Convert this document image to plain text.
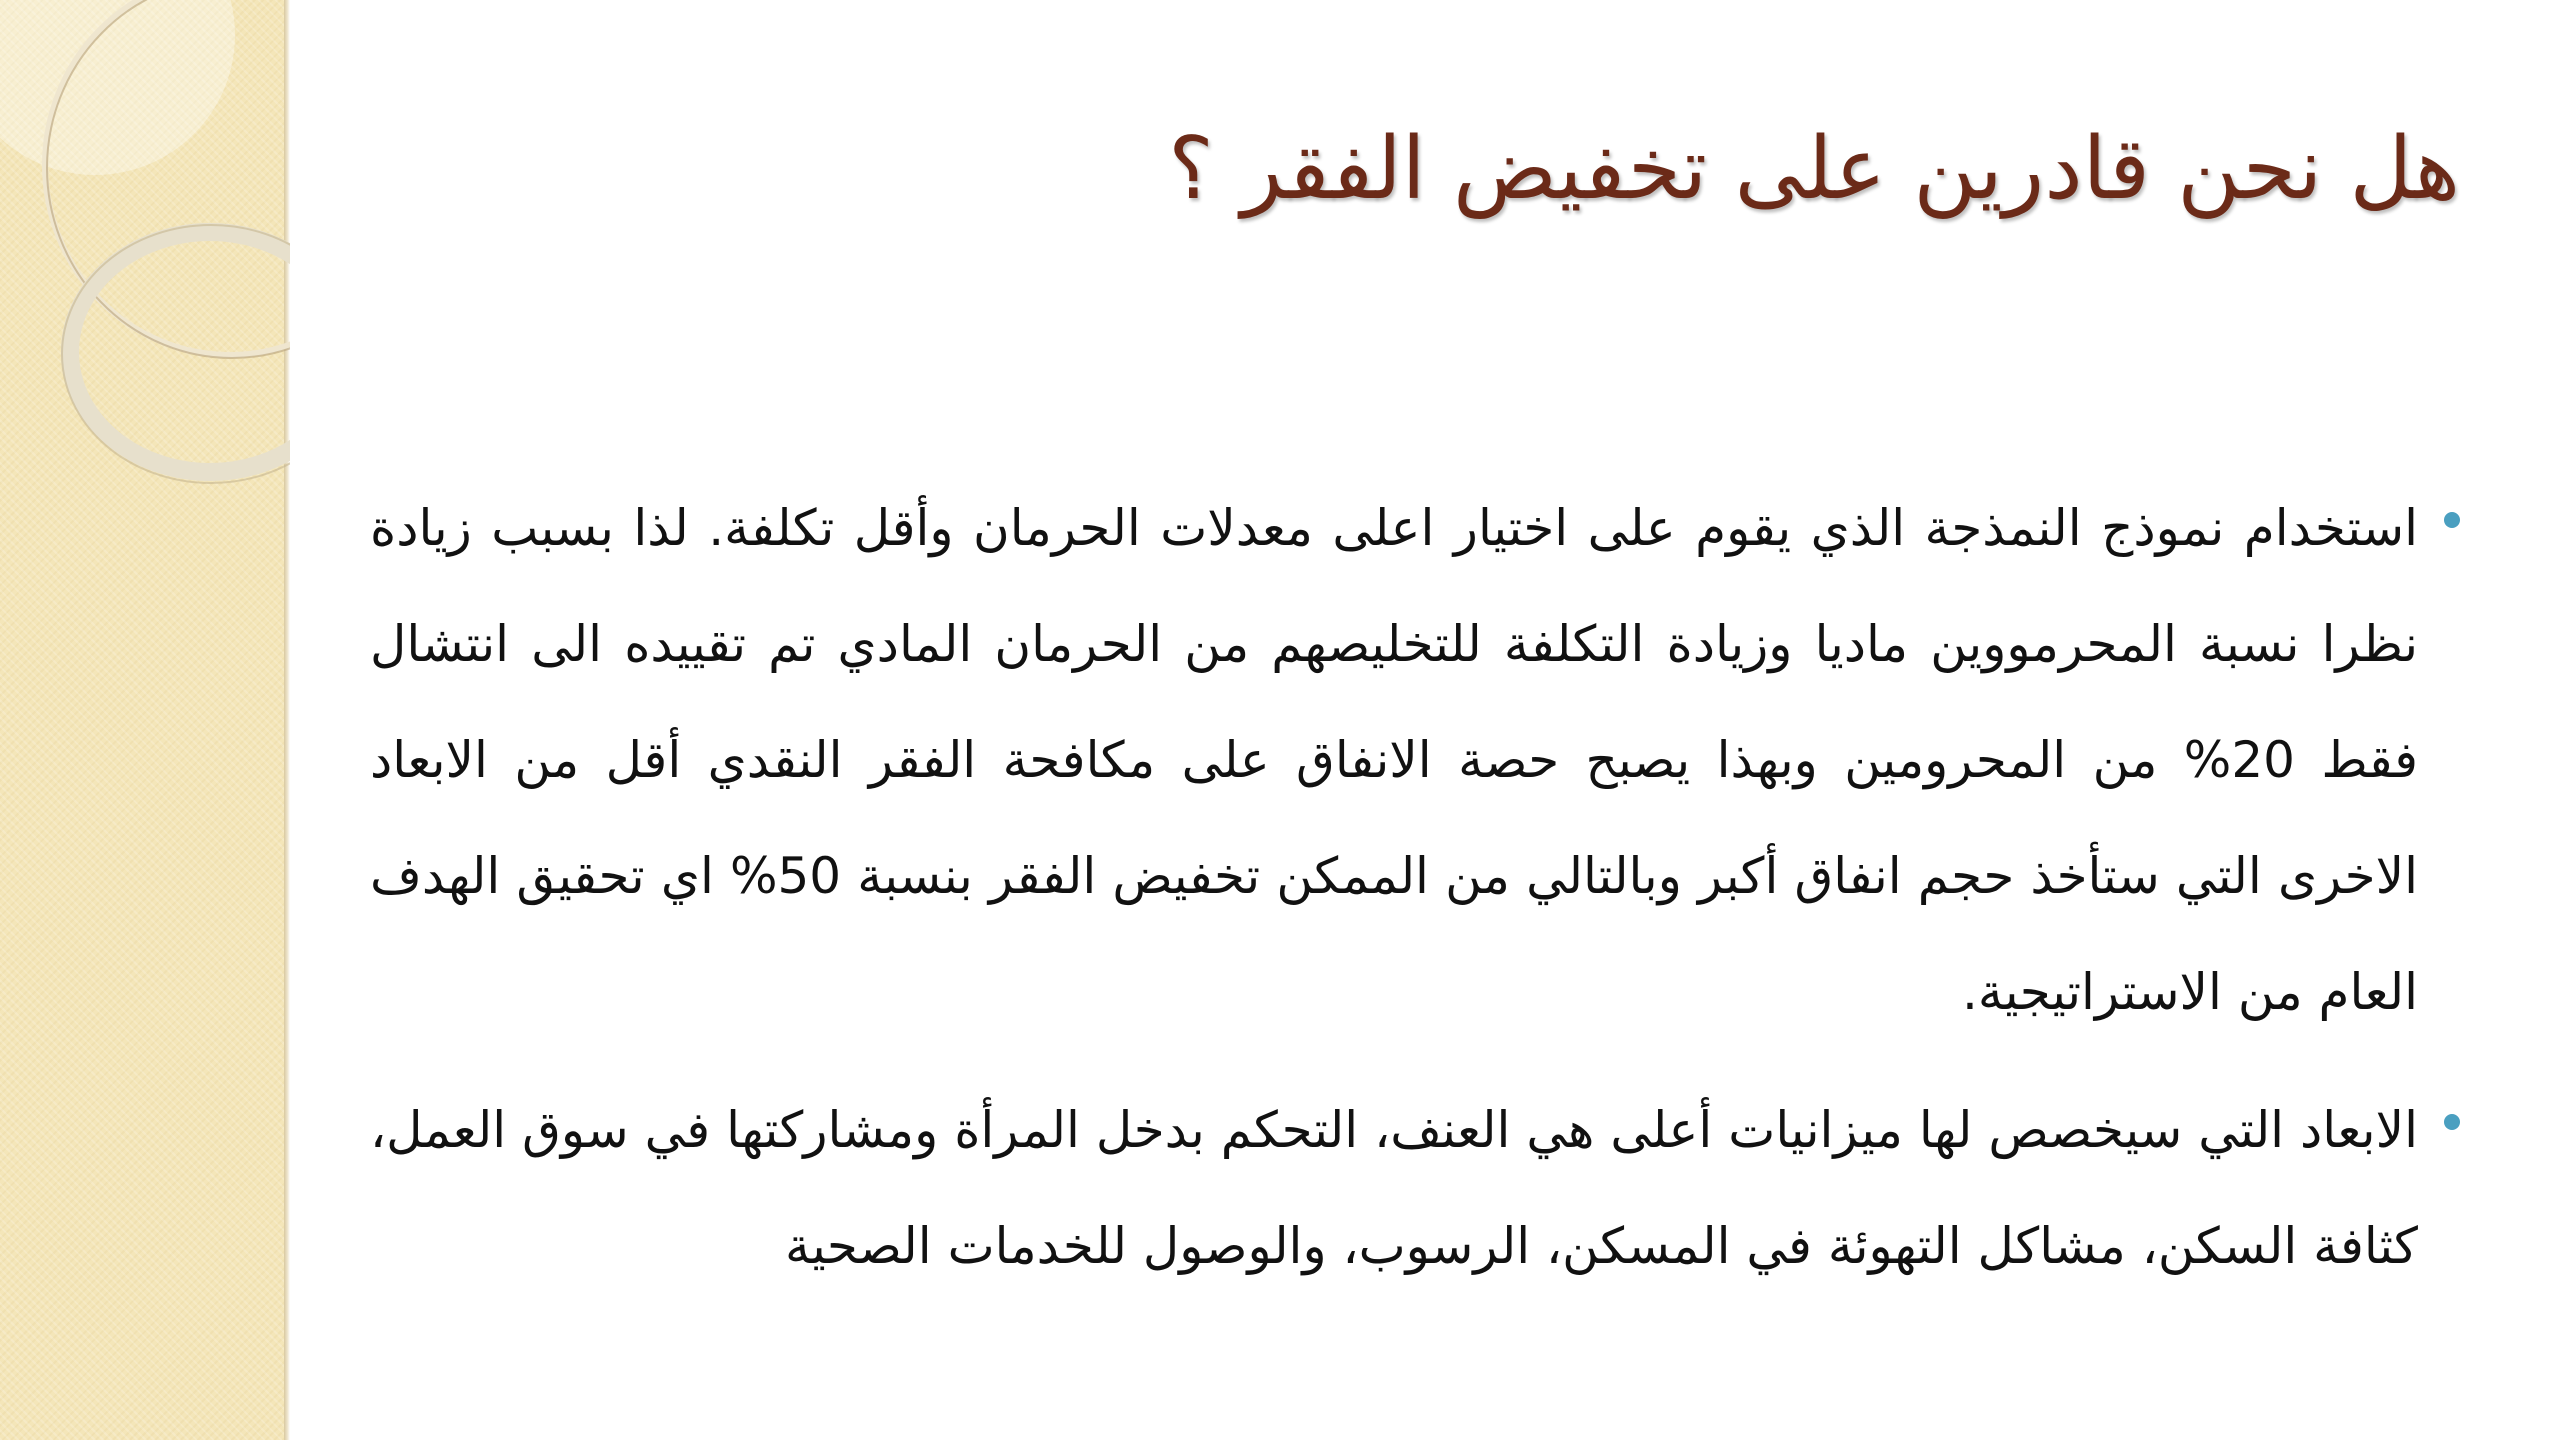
هل نحن قادرين على تخفيض الفقر ؟
استخدام نموذج النمذجة الذي يقوم على اختيار اعلى معدلات الحرمان وأقل تكلفة. لذا بسبب زيادة نظرا نسبة المحرمووين ماديا وزيادة التكلفة للتخليصهم من الحرمان المادي تم تقييده الى انتشال فقط 20% من المحرومين وبهذا يصبح حصة الانفاق على مكافحة الفقر النقدي أقل من الابعاد الاخرى التي ستأخذ حجم انفاق أكبر وبالتالي من الممكن تخفيض الفقر بنسبة 50% اي تحقيق الهدف العام من الاستراتيجية.
الابعاد التي سيخصص لها ميزانيات أعلى هي العنف، التحكم بدخل المرأة ومشاركتها في سوق العمل، كثافة السكن، مشاكل التهوئة في المسكن، الرسوب، والوصول للخدمات الصحية
